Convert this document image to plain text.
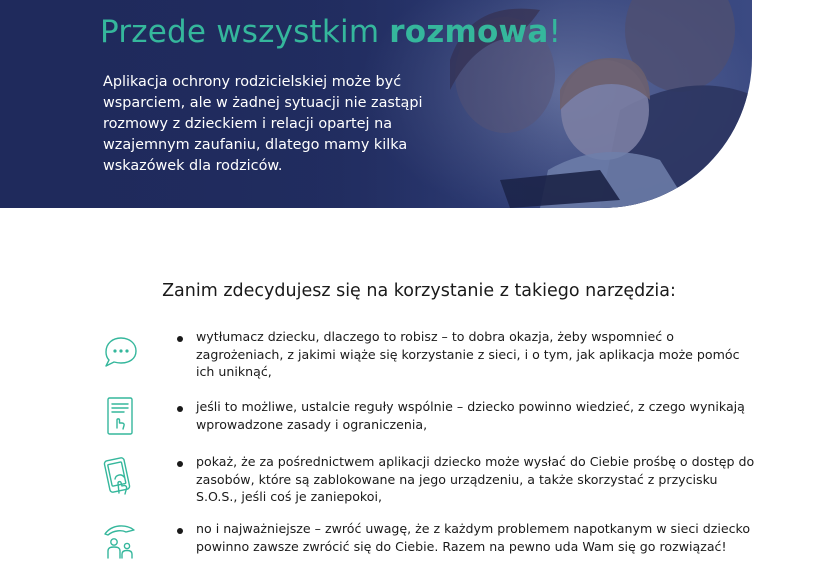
Przede wszystkim rozmowa!

Aplikacja ochrony rodzicielskiej może być wsparciem, ale w żadnej sytuacji nie zastąpi rozmowy z dzieckiem i relacji opartej na wzajemnym zaufaniu, dlatego mamy kilka wskazówek dla rodziców.

Zanim zdecydujesz się na korzystanie z takiego narzędzia:

wytłumacz dziecku, dlaczego to robisz – to dobra okazja, żeby wspomnieć o zagrożeniach, z jakimi wiąże się korzystanie z sieci, i o tym, jak aplikacja może pomóc ich uniknąć,

jeśli to możliwe, ustalcie reguły wspólnie – dziecko powinno wiedzieć, z czego wynikają wprowadzone zasady i ograniczenia,

pokaż, że za pośrednictwem aplikacji dziecko może wysłać do Ciebie prośbę o dostęp do zasobów, które są zablokowane na jego urządzeniu, a także skorzystać z przycisku S.O.S., jeśli coś je zaniepokoi,

no i najważniejsze – zwróć uwagę, że z każdym problemem napotkanym w sieci dziecko powinno zawsze zwrócić się do Ciebie. Razem na pewno uda Wam się go rozwiązać!
